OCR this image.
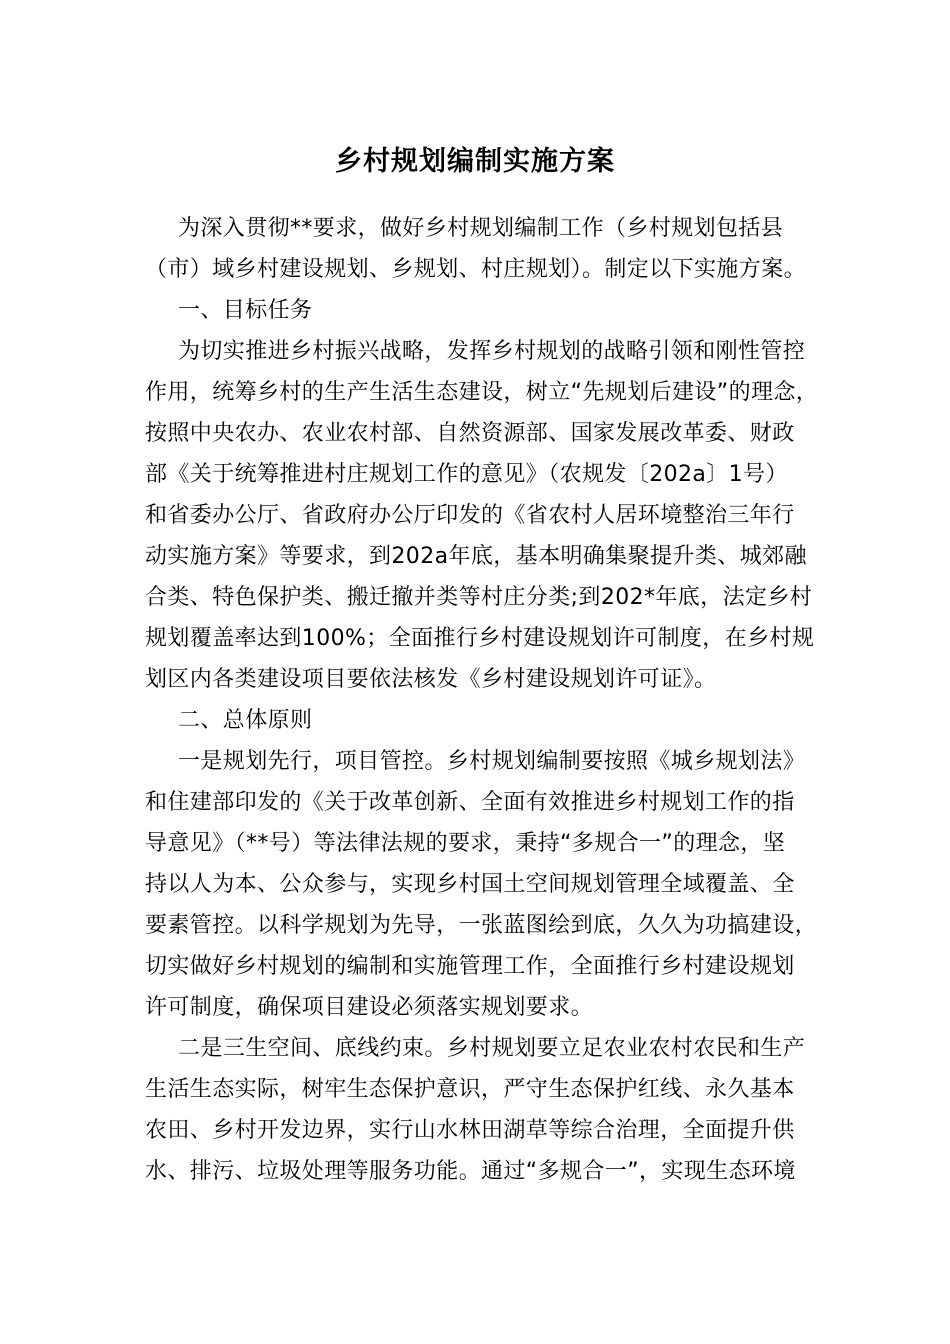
乡村规划编制实施方案
为深入贯彻**要求，做好乡村规划编制工作（乡村规划包括县
（市）域乡村建设规划、乡规划、村庄规划）。制定以下实施方案。
一、目标任务
为切实推进乡村振兴战略，发挥乡村规划的战略引领和刚性管控
作用，统筹乡村的生产生活生态建设，树立“先规划后建设”的理念，
按照中央农办、农业农村部、自然资源部、国家发展改革委、财政
部《关于统筹推进村庄规划工作的意见》（农规发〔202a〕1号）
和省委办公厅、省政府办公厅印发的《省农村人居环境整治三年行
动实施方案》等要求，到202a年底，基本明确集聚提升类、城郊融
合类、特色保护类、搬迁撤并类等村庄分类;到202*年底，法定乡村
规划覆盖率达到100%；全面推行乡村建设规划许可制度，在乡村规
划区内各类建设项目要依法核发《乡村建设规划许可证》。
二、总体原则
一是规划先行，项目管控。乡村规划编制要按照《城乡规划法》
和住建部印发的《关于改革创新、全面有效推进乡村规划工作的指
导意见》（**号）等法律法规的要求，秉持“多规合一”的理念，坚
持以人为本、公众参与，实现乡村国土空间规划管理全域覆盖、全
要素管控。以科学规划为先导，一张蓝图绘到底，久久为功搞建设，
切实做好乡村规划的编制和实施管理工作，全面推行乡村建设规划
许可制度，确保项目建设必须落实规划要求。
二是三生空间、底线约束。乡村规划要立足农业农村农民和生产
生活生态实际，树牢生态保护意识，严守生态保护红线、永久基本
农田、乡村开发边界，实行山水林田湖草等综合治理，全面提升供
水、排污、垃圾处理等服务功能。通过“多规合一”，实现生态环境
